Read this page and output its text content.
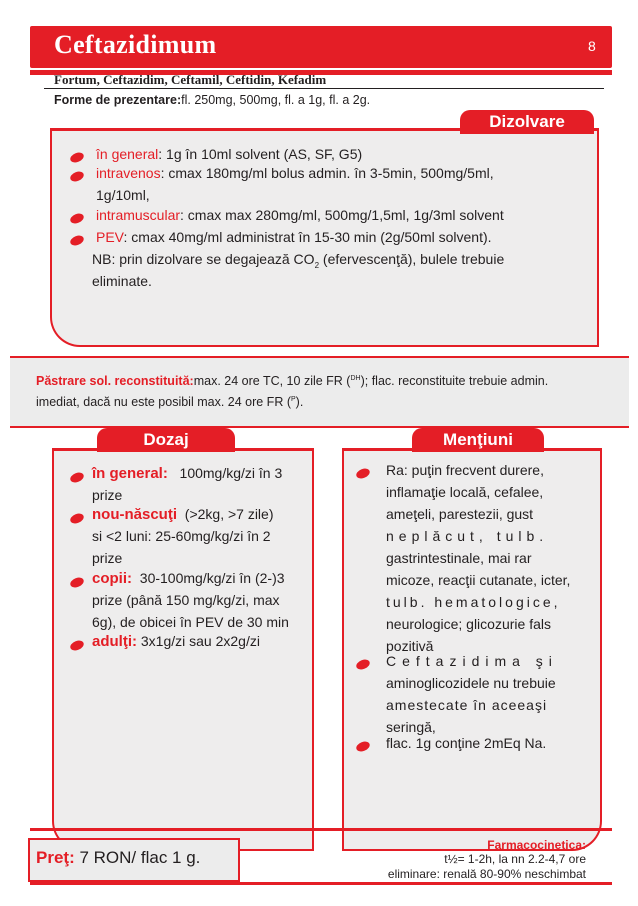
Ceftazidimum	8
Fortum, Ceftazidim, Ceftamil, Ceftidin, Kefadim
Forme de prezentare:fl. 250mg, 500mg, fl. a 1g, fl. a 2g.
Dizolvare
în general: 1g în 10ml solvent (AS, SF, G5)
intravenos: cmax 180mg/ml bolus admin. în 3-5min, 500mg/5ml,
1g/10ml,
intramuscular: cmax max 280mg/ml, 500mg/1,5ml, 1g/3ml solvent
PEV: cmax 40mg/ml administrat în 15-30 min (2g/50ml solvent).
NB: prin dizolvare se degajează $CO_2$ (efervescenţă), bulele trebuie
eliminate.
Păstrare sol. reconstituită:max. 24 ore TC, 10 zile FR ($^{DH}$); flac. reconstituite trebuie admin.
imediat, dacă nu este posibil max. 24 ore FR ($^P$).
Dozaj
în general: 100mg/kg/zi în 3
prize
nou-născuţi (>2kg, >7 zile)
si <2 luni: 25-60mg/kg/zi în 2
prize
copii: 30-100mg/kg/zi în (2-)3
prize (până 150 mg/kg/zi, max
6g), de obicei în PEV de 30 min
adulţi: 3x1g/zi sau 2x2g/zi
Menţiuni
Ra: puţin frecvent durere,
inflamaţie locală, cefalee,
ameţeli, parestezii, gust
neplăcut, tulb.
gastrintestinale, mai rar
micoze, reacţii cutanate, icter,
tulb. hematologice,
neurologice; glicozurie fals
pozitivă
Ceftazidima şi
aminoglicozidele nu trebuie
amestecate în aceeaşi
seringă,
flac. 1g conţine 2mEq Na.
Preţ: 7 RON/ flac 1 g.
Farmacocinetica:
t½= 1-2h, la nn 2.2-4,7 ore
eliminare: renală 80-90% neschimbat
